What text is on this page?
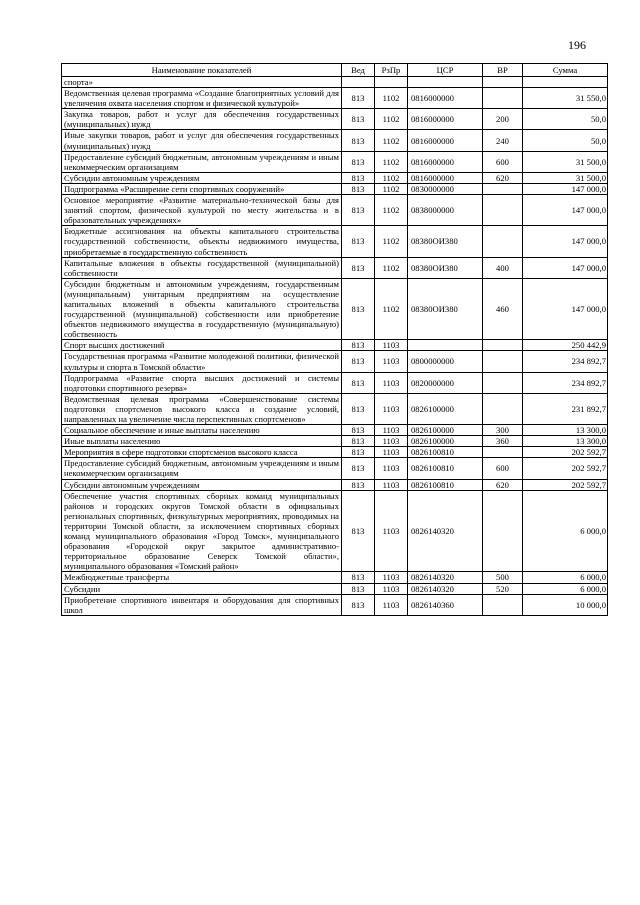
196
Наименование показателей	Вед	РзПр	ЦСР	ВР	Сумма
спорта»					
Ведомственная целевая программа «Создание благоприятных условий для увеличения охвата населения спортом и физической культурой»	813	1102	0816000000		31 550,0
Закупка товаров, работ и услуг для обеспечения государственных (муниципальных) нужд	813	1102	0816000000	200	50,0
Иные закупки товаров, работ и услуг для обеспечения государственных (муниципальных) нужд	813	1102	0816000000	240	50,0
Предоставление субсидий бюджетным, автономным учреждениям и иным некоммерческим организациям	813	1102	0816000000	600	31 500,0
Субсидии автономным учреждениям	813	1102	0816000000	620	31 500,0
Подпрограмма «Расширение сети спортивных сооружений»	813	1102	0830000000		147 000,0
Основное мероприятие «Развитие материально-технической базы для занятий спортом, физической культурой по месту жительства и в образовательных учреждениях»	813	1102	0838000000		147 000,0
Бюджетные ассигнования на объекты капитального строительства государственной собственности, объекты недвижимого имущества, приобретаемые в государственную собственность	813	1102	08380ОИ380		147 000,0
Капитальные вложения в объекты государственной (муниципальной) собственности	813	1102	08380ОИ380	400	147 000,0
Субсидии бюджетным и автономным учреждениям, государственным (муниципальным) унитарным предприятиям на осуществление капитальных вложений в объекты капитального строительства государственной (муниципальной) собственности или приобретение объектов недвижимого имущества в государственную (муниципальную) собственность	813	1102	08380ОИ380	460	147 000,0
Спорт высших достижений	813	1103			250 442,9
Государственная программа «Развитие молодежной политики, физической культуры и спорта в Томской области»	813	1103	0800000000		234 892,7
Подпрограмма «Развитие спорта высших достижений и системы подготовки спортивного резерва»	813	1103	0820000000		234 892,7
Ведомственная целевая программа «Совершенствование системы подготовки спортсменов высокого класса и создание условий, направленных на увеличение числа перспективных спортсменов»	813	1103	0826100000		231 892,7
Социальное обеспечение и иные выплаты населению	813	1103	0826100000	300	13 300,0
Иные выплаты населению	813	1103	0826100000	360	13 300,0
Мероприятия в сфере подготовки спортсменов высокого класса	813	1103	0826100810		202 592,7
Предоставление субсидий бюджетным, автономным учреждениям и иным некоммерческим организациям	813	1103	0826100810	600	202 592,7
Субсидии автономным учреждениям	813	1103	0826100810	620	202 592,7
Обеспечение участия спортивных сборных команд муниципальных районов и городских округов Томской области в официальных региональных спортивных, физкультурных мероприятиях, проводимых на территории Томской области, за исключением спортивных сборных команд муниципального образования «Город Томск», муниципального образования «Городской округ закрытое административно-территориальное образование Северск Томской области», муниципального образования «Томский район»	813	1103	0826140320		6 000,0
Межбюджетные трансферты	813	1103	0826140320	500	6 000,0
Субсидии	813	1103	0826140320	520	6 000,0
Приобретение спортивного инвентаря и оборудования для спортивных школ	813	1103	0826140360		10 000,0
